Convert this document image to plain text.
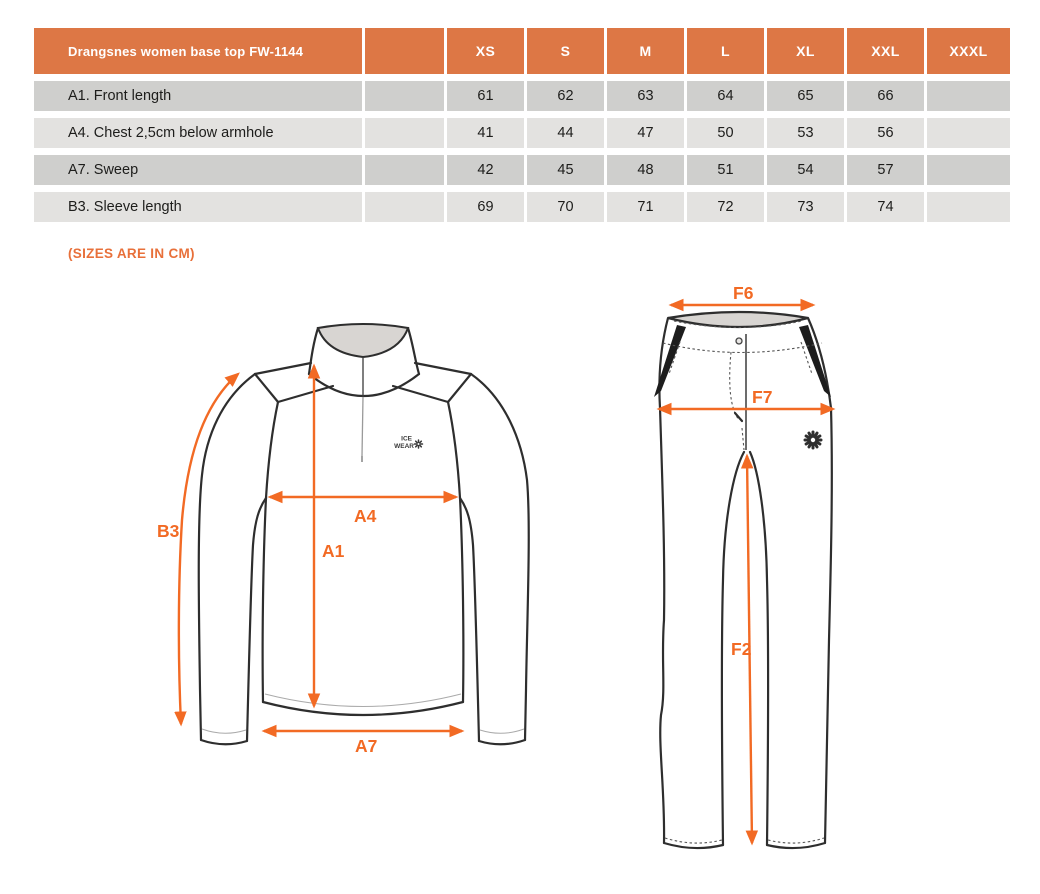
Drangsnes women base top FW-1144	XS	S	M	L	XL	XXL	XXXL
A1. Front length	61	62	63	64	65	66
A4. Chest 2,5cm below armhole	41	44	47	50	53	56
A7. Sweep	42	45	48	51	54	57
B3. Sleeve length	69	70	71	72	73	74
(SIZES ARE IN CM)
ICE
WEAR
B3
A1
A4
A7
F6
F7
F2
